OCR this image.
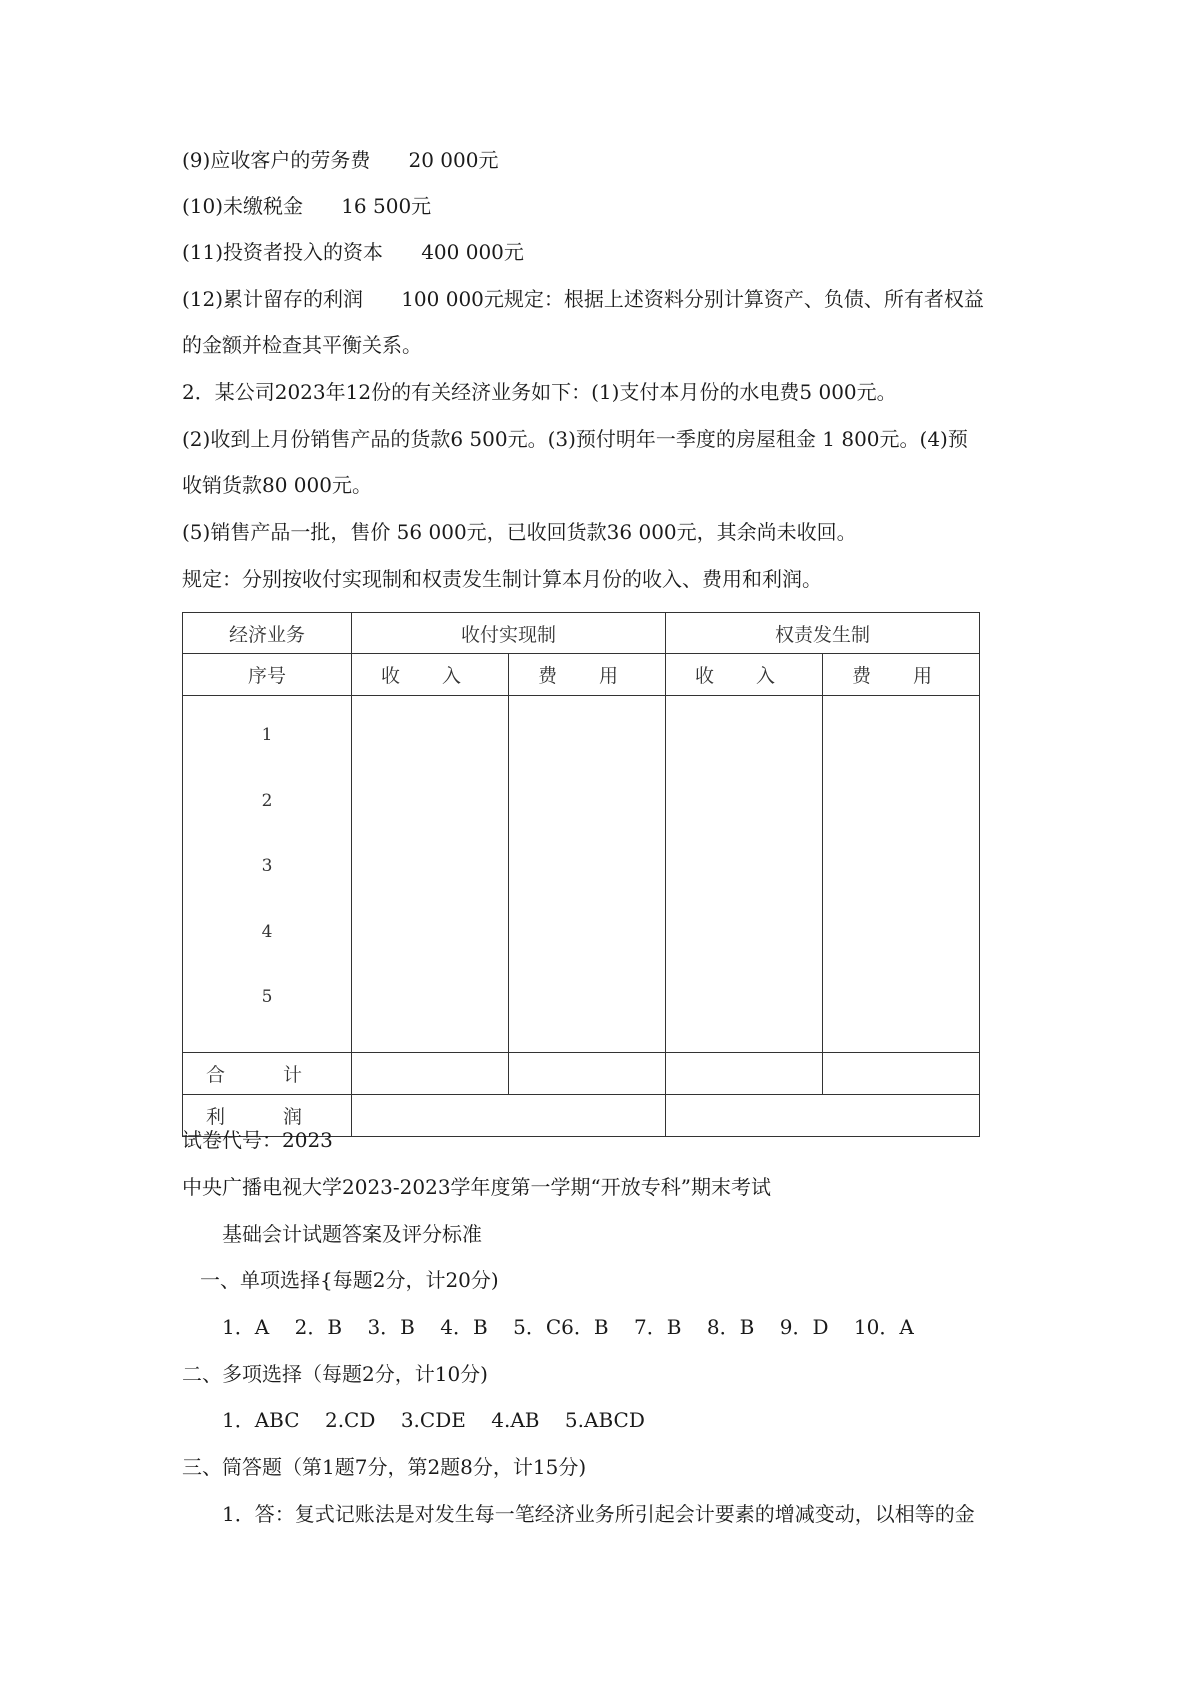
(9)应收客户的劳务费      20 000元
(10)未缴税金      16 500元
(11)投资者投入的资本      400 000元
(12)累计留存的利润      100 000元规定：根据上述资料分别计算资产、负债、所有者权益
的金额并检查其平衡关系。
2．某公司2023年12份的有关经济业务如下：(1)支付本月份的水电费5 000元。
(2)收到上月份销售产品的货款6 500元。(3)预付明年一季度的房屋租金 1 800元。(4)预
收销货款80 000元。
(5)销售产品一批，售价 56 000元，已收回货款36 000元，其余尚未收回。
规定：分别按收付实现制和权责发生制计算本月份的收入、费用和利润。
经济业务	收付实现制		权责发生制	
序号	收 入	费 用	收 入	费 用

1
2
3
4
5				

合 计				
利 润				
试卷代号：2023
中央广播电视大学2023-2023学年度第一学期“开放专科”期末考试
基础会计试题答案及评分标准
一、单项选择{每题2分，计20分)
1．A    2．B    3．B    4．B    5．C6．B    7．B    8．B    9．D    10．A
二、多项选择（每题2分，计10分)
1．ABC    2.CD    3.CDE    4.AB    5.ABCD
三、筒答题（第1题7分，第2题8分，计15分)
1．答：复式记账法是对发生每一笔经济业务所引起会计要素的增减变动，以相等的金
